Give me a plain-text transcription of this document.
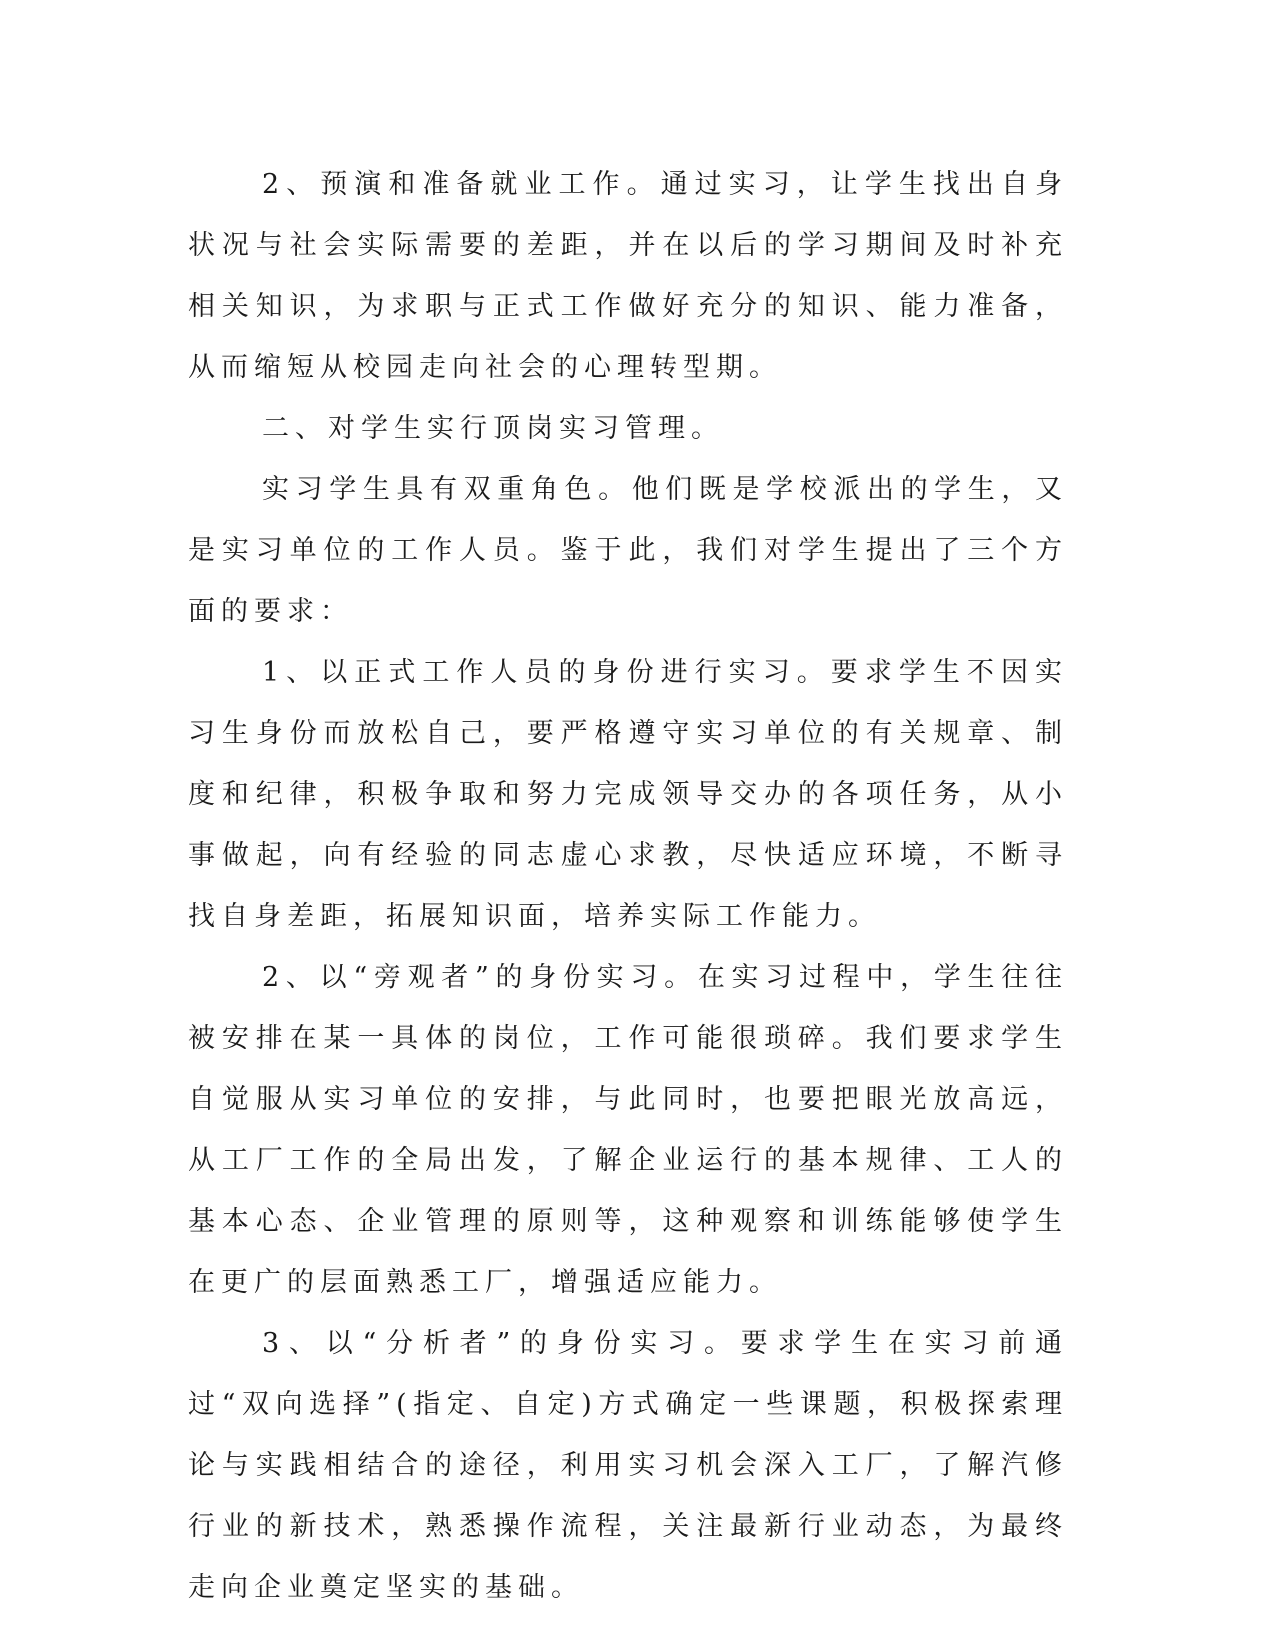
2、预演和准备就业工作。通过实习，让学生找出自身状况与社会实际需要的差距，并在以后的学习期间及时补充相关知识，为求职与正式工作做好充分的知识、能力准备，从而缩短从校园走向社会的心理转型期。

二、对学生实行顶岗实习管理。

实习学生具有双重角色。他们既是学校派出的学生，又是实习单位的工作人员。鉴于此，我们对学生提出了三个方面的要求：

1、以正式工作人员的身份进行实习。要求学生不因实习生身份而放松自己，要严格遵守实习单位的有关规章、制度和纪律，积极争取和努力完成领导交办的各项任务，从小事做起，向有经验的同志虚心求教，尽快适应环境，不断寻找自身差距，拓展知识面，培养实际工作能力。

2、以“旁观者”的身份实习。在实习过程中，学生往往被安排在某一具体的岗位，工作可能很琐碎。我们要求学生自觉服从实习单位的安排，与此同时，也要把眼光放高远，从工厂工作的全局出发，了解企业运行的基本规律、工人的基本心态、企业管理的原则等，这种观察和训练能够使学生在更广的层面熟悉工厂，增强适应能力。

3、以“分析者”的身份实习。要求学生在实习前通过“双向选择”(指定、自定)方式确定一些课题，积极探索理论与实践相结合的途径，利用实习机会深入工厂，了解汽修行业的新技术，熟悉操作流程，关注最新行业动态，为最终走向企业奠定坚实的基础。
